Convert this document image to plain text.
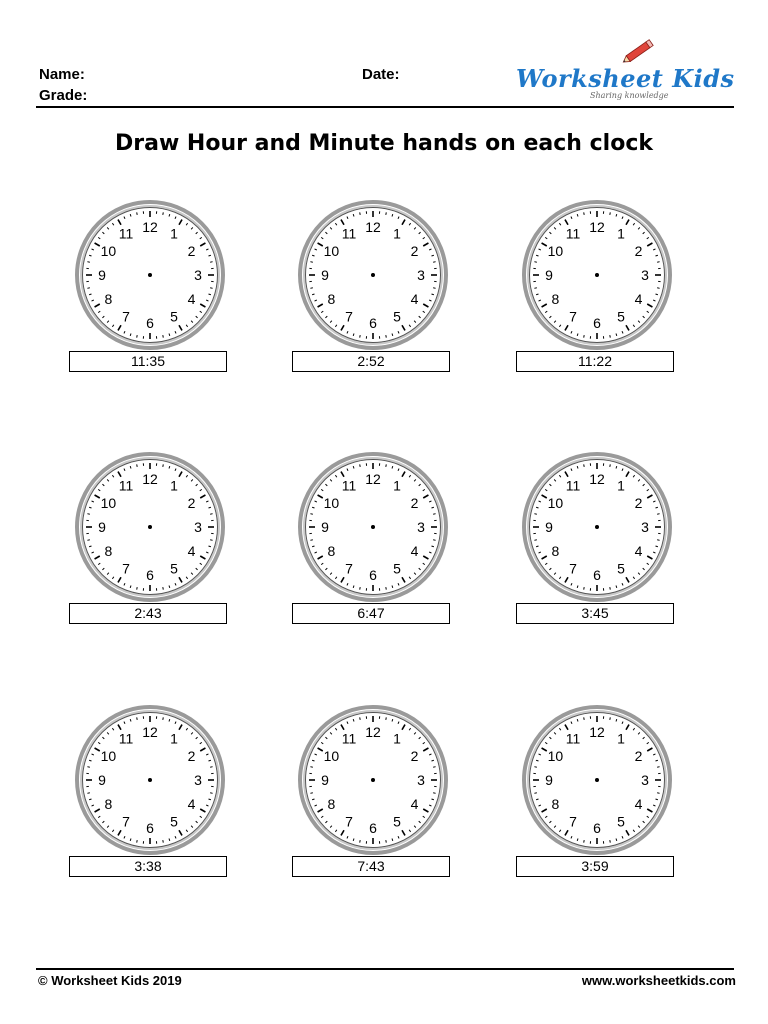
Name:
Grade:
Date:	Worksheet Kids
Sharing knowledge
Draw Hour and Minute hands on each clock
12 1
2
3
4
5
6
7
8
9
10
11
11:35
12 1
2
3
4
5
6
7
8
9
10
11
2:52
12 1
2
3
4
5
6
7
8
9
10
11
11:22
12 1
2
3
4
5
6
7
8
9
10
11
2:43
12 1
2
3
4
5
6
7
8
9
10
11
6:47
12 1
2
3
4
5
6
7
8
9
10
11
3:45
12 1
2
3
4
5
6
7
8
9
10
11
3:38
12 1
2
3
4
5
6
7
8
9
10
11
7:43
12 1
2
3
4
5
6
7
8
9
10
11
3:59
© Worksheet Kids 2019	www.worksheetkids.com
